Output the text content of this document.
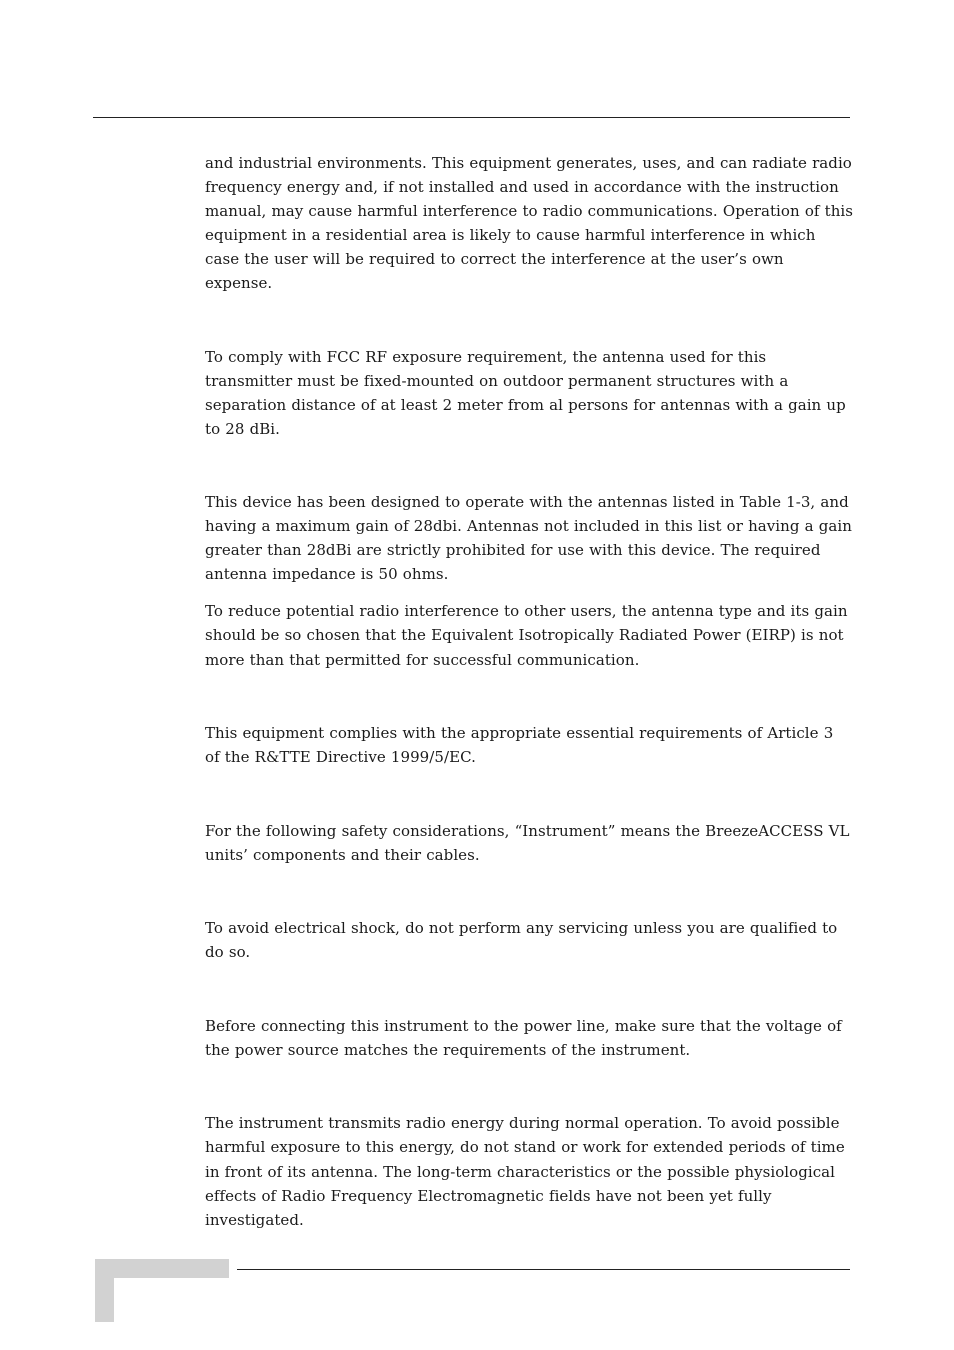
and industrial environments. This equipment generates, uses, and can radiate radio frequency energy and, if not installed and used in accordance with the instruction manual, may cause harmful interference to radio communications. Operation of this equipment in a residential area is likely to cause harmful interference in which case the user will be required to correct the interference at the user’s own expense.

To comply with FCC RF exposure requirement, the antenna used for this transmitter must be fixed-mounted on outdoor permanent structures with a separation distance of at least 2 meter from al persons for antennas with a gain up to 28 dBi.

This device has been designed to operate with the antennas listed in Table 1-3, and having a maximum gain of 28dbi. Antennas not included in this list or having a gain greater than 28dBi are strictly prohibited for use with this device. The required antenna impedance is 50 ohms.

To reduce potential radio interference to other users, the antenna type and its gain should be so chosen that the Equivalent Isotropically Radiated Power (EIRP) is not more than that permitted for successful communication.

This equipment complies with the appropriate essential requirements of Article 3 of the R&TTE Directive 1999/5/EC.

For the following safety considerations, “Instrument” means the BreezeACCESS VL units’ components and their cables.

To avoid electrical shock, do not perform any servicing unless you are qualified to do so.

Before connecting this instrument to the power line, make sure that the voltage of the power source matches the requirements of the instrument.

The instrument transmits radio energy during normal operation. To avoid possible harmful exposure to this energy, do not stand or work for extended periods of time in front of its antenna. The long-term characteristics or the possible physiological effects of Radio Frequency Electromagnetic fields have not been yet fully investigated.
